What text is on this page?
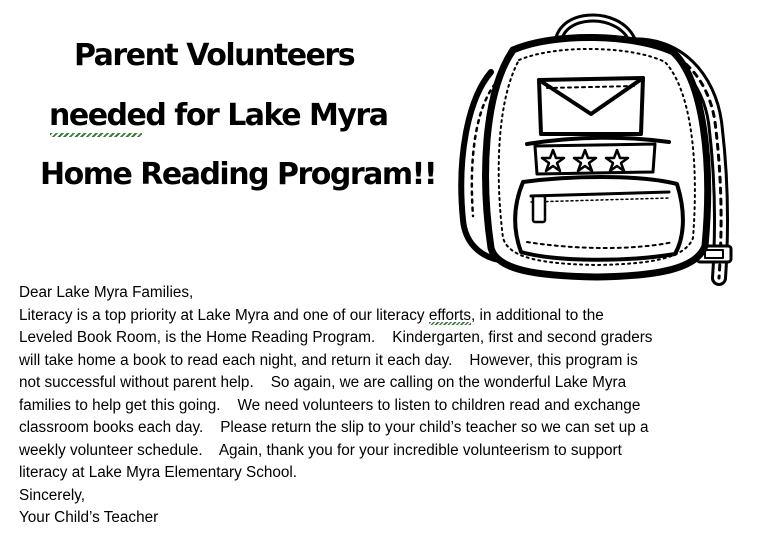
Parent Volunteers
needed for Lake Myra
Home Reading Program!!

Dear Lake Myra Families,

Literacy is a top priority at Lake Myra and one of our literacy efforts, in additional to the

Leveled Book Room, is the Home Reading Program.    Kindergarten, first and second graders

will take home a book to read each night, and return it each day.    However, this program is

not successful without parent help.    So again, we are calling on the wonderful Lake Myra

families to help get this going.    We need volunteers to listen to children read and exchange

classroom books each day.    Please return the slip to your child’s teacher so we can set up a

weekly volunteer schedule.    Again, thank you for your incredible volunteerism to support

literacy at Lake Myra Elementary School.

Sincerely,

Your Child’s Teacher
